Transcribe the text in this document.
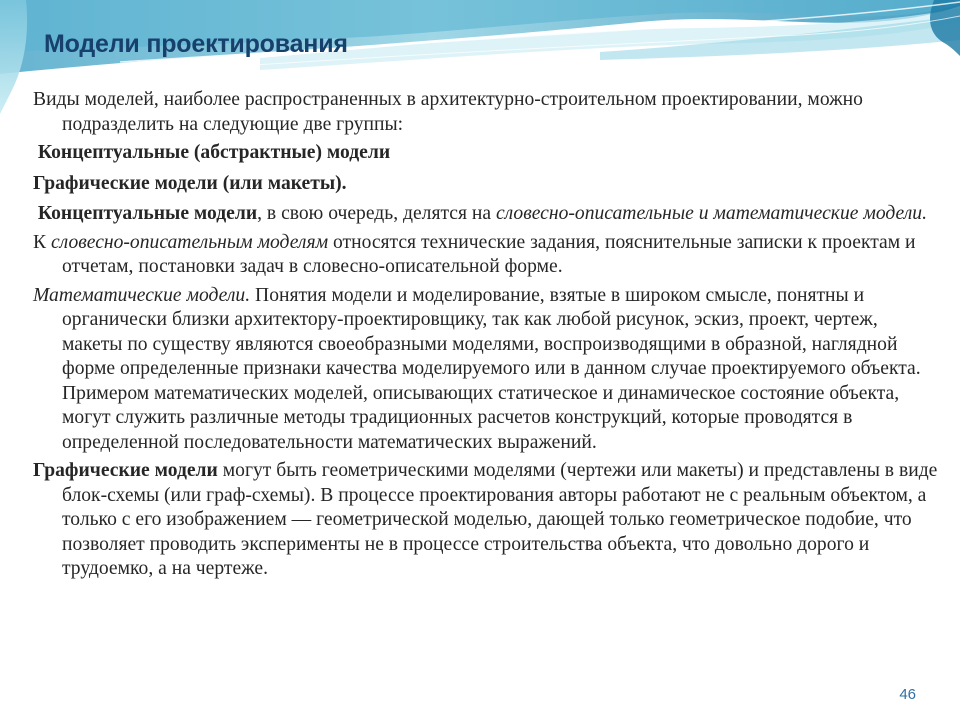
Модели проектирования

Виды моделей, наиболее распространенных в архитектурно-строительном проектировании, можно подразделить на следующие две группы:

Концептуальные (абстрактные) модели

Графические модели (или макеты).

Концептуальные модели, в свою очередь, делятся на словесно-описательные и математические модели.

К словесно-описательным моделям относятся технические задания, пояснительные записки к проектам и отчетам, постановки задач в словесно-описательной форме.

Математические модели. Понятия модели и моделирование, взятые в широком смысле, понятны и органически близки архитектору-проектировщику, так как любой рисунок, эскиз, проект, чертеж, макеты по существу являются своеобразными моделями, воспроизводящими в образной, наглядной форме определенные признаки качества моделируемого или в данном случае проектируемого объекта. Примером математических моделей, описывающих статическое и динамическое состояние объекта, могут служить различные методы традиционных расчетов конструкций, которые проводятся в определенной последовательности математических выражений.

Графические модели могут быть геометрическими моделями (чертежи или макеты) и представлены в виде блок-схемы (или граф-схемы). В процессе проектирования авторы работают не с реальным объектом, а только с его изображением — геометрической моделью, дающей только геометрическое подобие, что позволяет проводить эксперименты не в процессе строительства объекта, что довольно дорого и трудоемко, а на чертеже.

46
